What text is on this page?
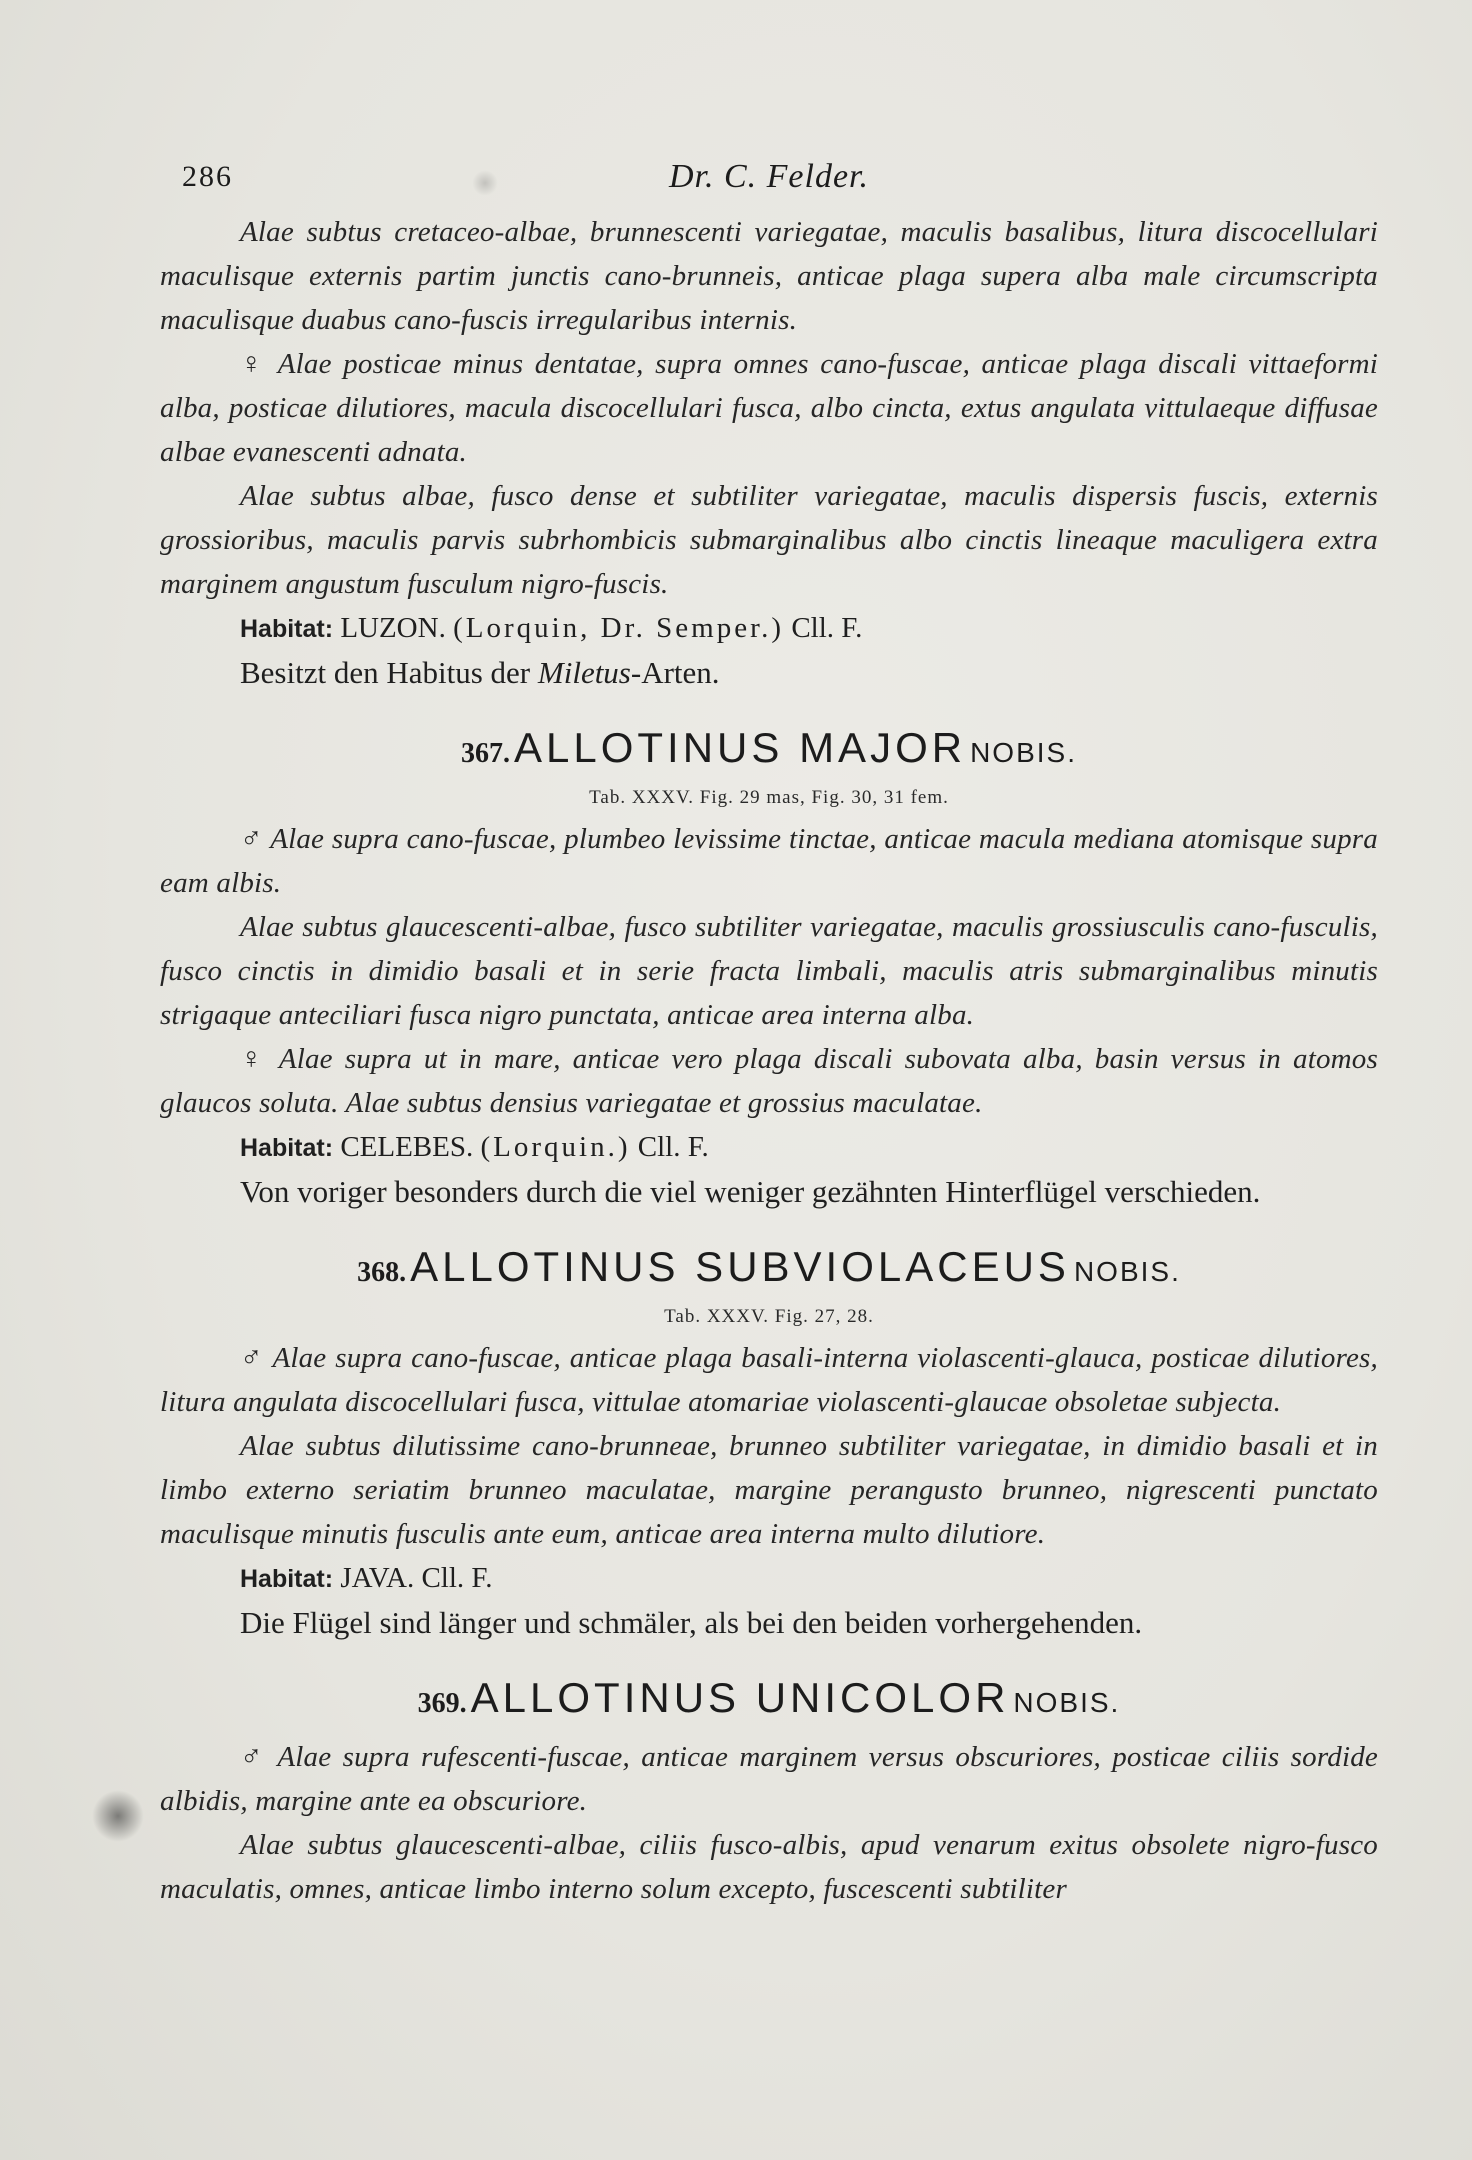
286	Dr. C. Felder.

Alae subtus cretaceo-albae, brunnescenti variegatae, maculis basalibus, litura discocellulari maculisque externis partim junctis cano-brunneis, anticae plaga supera alba male circumscripta maculisque duabus cano-fuscis irregularibus internis.

♀ Alae posticae minus dentatae, supra omnes cano-fuscae, anticae plaga discali vittaeformi alba, posticae dilutiores, macula discocellulari fusca, albo cincta, extus angulata vittulaeque diffusae albae evanescenti adnata.

Alae subtus albae, fusco dense et subtiliter variegatae, maculis dispersis fuscis, externis grossioribus, maculis parvis subrhombicis submarginalibus albo cinctis lineaque maculigera extra marginem angustum fusculum nigro-fuscis.

Habitat: LUZON. (Lorquin, Dr. Semper.) Cll. F.

Besitzt den Habitus der Miletus-Arten.

367. ALLOTINUS MAJOR NOBIS.
Tab. XXXV. Fig. 29 mas, Fig. 30, 31 fem.

♂ Alae supra cano-fuscae, plumbeo levissime tinctae, anticae macula mediana atomisque supra eam albis.

Alae subtus glaucescenti-albae, fusco subtiliter variegatae, maculis grossiusculis cano-fusculis, fusco cinctis in dimidio basali et in serie fracta limbali, maculis atris submarginalibus minutis strigaque anteciliari fusca nigro punctata, anticae area interna alba.

♀ Alae supra ut in mare, anticae vero plaga discali subovata alba, basin versus in atomos glaucos soluta. Alae subtus densius variegatae et grossius maculatae.

Habitat: CELEBES. (Lorquin.) Cll. F.

Von voriger besonders durch die viel weniger gezähnten Hinterflügel verschieden.

368. ALLOTINUS SUBVIOLACEUS NOBIS.
Tab. XXXV. Fig. 27, 28.

♂ Alae supra cano-fuscae, anticae plaga basali-interna violascenti-glauca, posticae dilutiores, litura angulata discocellulari fusca, vittulae atomariae violascenti-glaucae obsoletae subjecta.

Alae subtus dilutissime cano-brunneae, brunneo subtiliter variegatae, in dimidio basali et in limbo externo seriatim brunneo maculatae, margine perangusto brunneo, nigrescenti punctato maculisque minutis fusculis ante eum, anticae area interna multo dilutiore.

Habitat: JAVA. Cll. F.

Die Flügel sind länger und schmäler, als bei den beiden vorhergehenden.

369. ALLOTINUS UNICOLOR NOBIS.

♂ Alae supra rufescenti-fuscae, anticae marginem versus obscuriores, posticae ciliis sordide albidis, margine ante ea obscuriore.

Alae subtus glaucescenti-albae, ciliis fusco-albis, apud venarum exitus obsolete nigro-fusco maculatis, omnes, anticae limbo interno solum excepto, fuscescenti subtiliter
